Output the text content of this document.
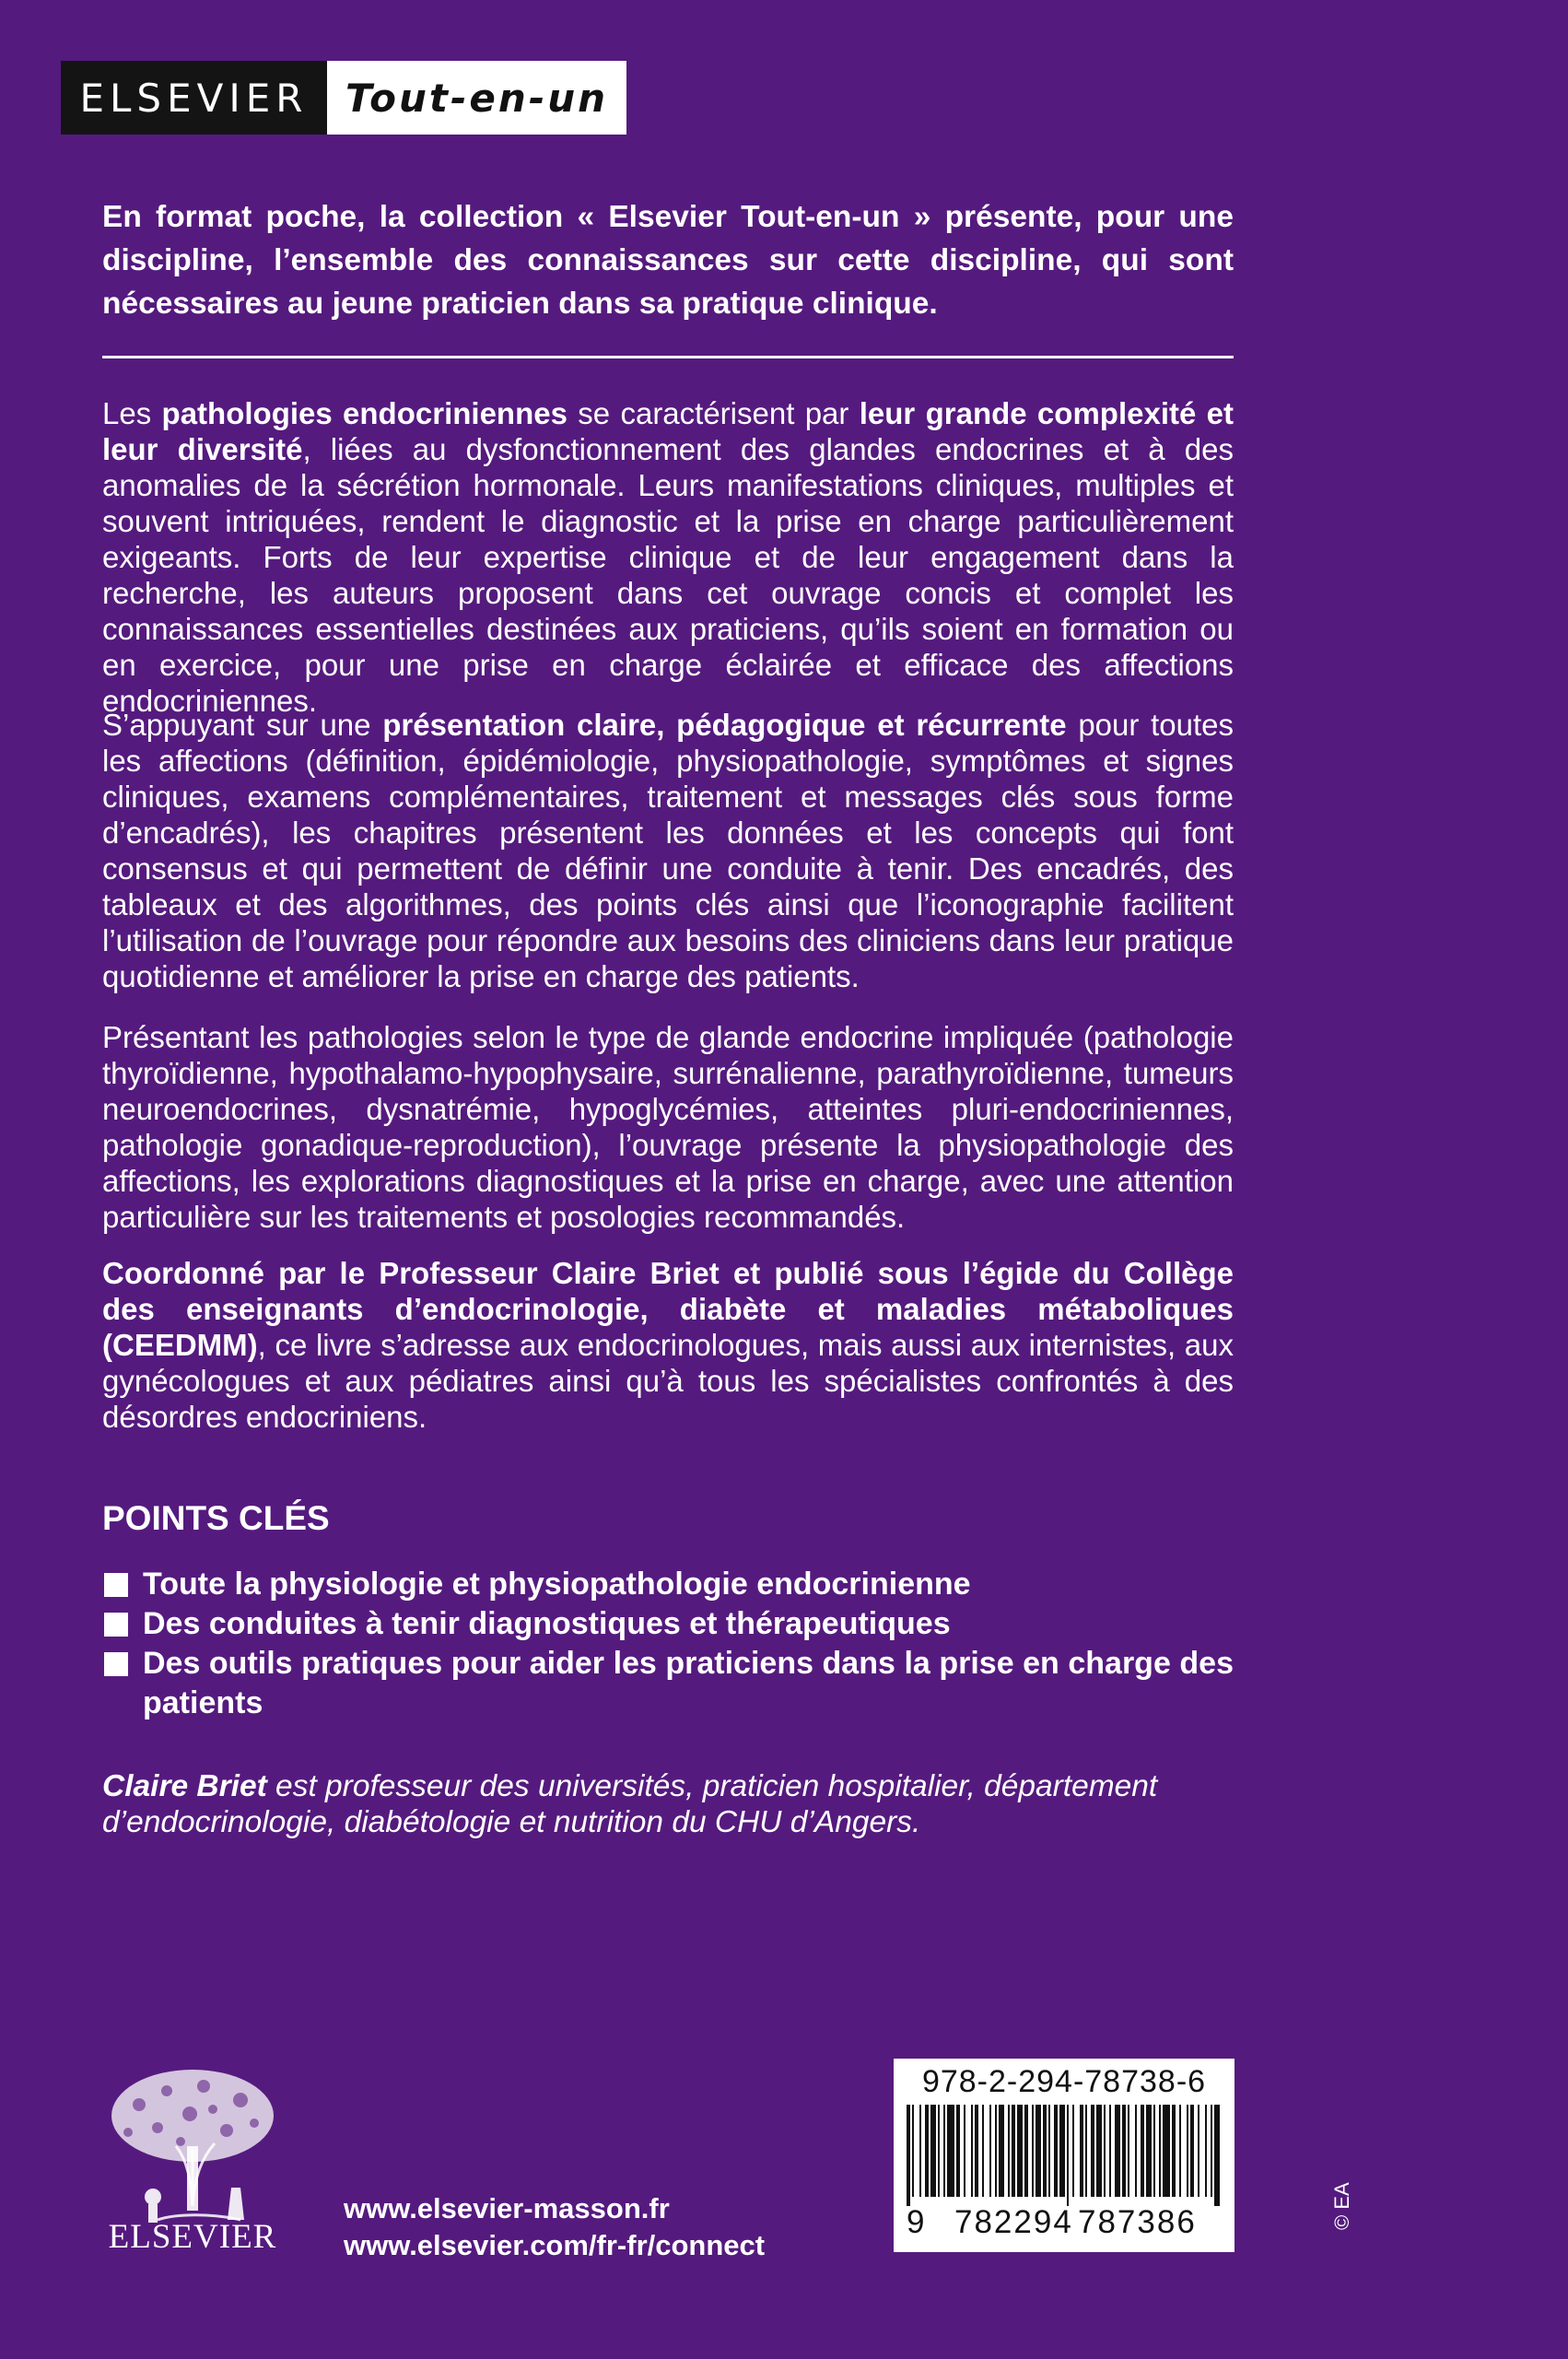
ELSEVIER Tout-en-un
En format poche, la collection « Elsevier Tout-en-un » présente, pour une discipline, l’ensemble des connaissances sur cette discipline, qui sont nécessaires au jeune praticien dans sa pratique clinique.

Les pathologies endocriniennes se caractérisent par leur grande complexité et leur diversité, liées au dysfonctionnement des glandes endocrines et à des anomalies de la sécrétion hormonale. Leurs manifestations cliniques, multiples et souvent intriquées, rendent le diagnostic et la prise en charge particulièrement exigeants. Forts de leur expertise clinique et de leur engagement dans la recherche, les auteurs proposent dans cet ouvrage concis et complet les connaissances essentielles destinées aux praticiens, qu’ils soient en formation ou en exercice, pour une prise en charge éclairée et efficace des affections endocriniennes.

S’appuyant sur une présentation claire, pédagogique et récurrente pour toutes les affections (définition, épidémiologie, physiopathologie, symptômes et signes cliniques, examens complémentaires, traitement et messages clés sous forme d’encadrés), les chapitres présentent les données et les concepts qui font consensus et qui permettent de définir une conduite à tenir. Des encadrés, des tableaux et des algorithmes, des points clés ainsi que l’iconographie facilitent l’utilisation de l’ouvrage pour répondre aux besoins des cliniciens dans leur pratique quotidienne et améliorer la prise en charge des patients.

Présentant les pathologies selon le type de glande endocrine impliquée (pathologie thyroïdienne, hypothalamo-hypophysaire, surrénalienne, parathyroïdienne, tumeurs neuroendocrines, dysnatrémie, hypoglycémies, atteintes pluri-endocriniennes, pathologie gonadique-reproduction), l’ouvrage présente la physiopathologie des affections, les explorations diagnostiques et la prise en charge, avec une attention particulière sur les traitements et posologies recommandés.

Coordonné par le Professeur Claire Briet et publié sous l’égide du Collège des enseignants d’endocrinologie, diabète et maladies métaboliques (CEEDMM), ce livre s’adresse aux endocrinologues, mais aussi aux internistes, aux gynécologues et aux pédiatres ainsi qu’à tous les spécialistes confrontés à des désordres endocriniens.

POINTS CLÉS
Toute la physiologie et physiopathologie endocrinienne
Des conduites à tenir diagnostiques et thérapeutiques
Des outils pratiques pour aider les praticiens dans la prise en charge des patients
Claire Briet est professeur des universités, praticien hospitalier, département d’endocrinologie, diabétologie et nutrition du CHU d’Angers.
ELSEVIER
www.elsevier-masson.fr
www.elsevier.com/fr-fr/connect
978-2-294-78738-6
9 782294 787386	© EA
